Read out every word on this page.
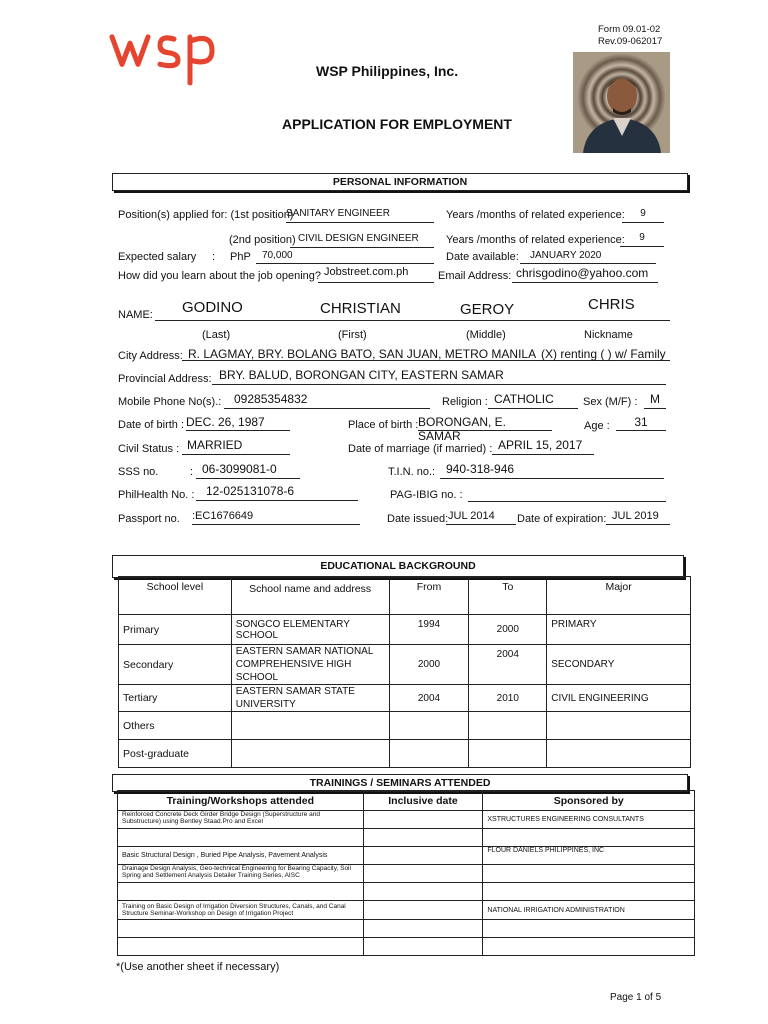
Form 09.01-02
Rev.09-062017
WSP Philippines, Inc.
APPLICATION FOR EMPLOYMENT
PERSONAL INFORMATION
Position(s) applied for: (1st position)
SANITARY ENGINEER	Years /months of related experience:	9
(2nd position) CIVIL DESIGN ENGINEER	Years /months of related experience:	9
Expected salary : PhP	70,000	Date available:	JANUARY 2020
How did you learn about the job opening? Jobstreet.com.ph	Email Address: chrisgodino@yahoo.com
NAME: GODINO	CHRISTIAN	GEROY	CHRIS
(Last)	(First)	(Middle)	Nickname
City Address: R. LAGMAY, BRY. BOLANG BATO, SAN JUAN, METRO MANILA (X) renting ( ) w/ Family
Provincial Address: BRY. BALUD, BORONGAN CITY, EASTERN SAMAR
Mobile Phone No(s).:	09285354832	Religion : CATHOLIC	Sex (M/F) :	M
Date of birth : DEC. 26, 1987	Place of birth : BORONGAN, E. SAMAR
Age :	31
Civil Status : MARRIED	Date of marriage (if married) : APRIL 15, 2017
SSS no.	: 06-3099081-0	T.I.N. no.: 940-318-946
PhilHealth No. : 12-025131078-6	PAG-IBIG no. :
Passport no. :EC1676649	Date issued: JUL 2014	Date of expiration: JUL 2019
EDUCATIONAL BACKGROUND
School level	School name and address	From	To	Major
Primary	SONGCO ELEMENTARY SCHOOL	1994	2000	PRIMARY
Secondary	EASTERN SAMAR NATIONAL COMPREHENSIVE HIGH SCHOOL	2000	2004	SECONDARY
Tertiary	EASTERN SAMAR STATE UNIVERSITY	2004	2010	CIVIL ENGINEERING
Others				
Post-graduate				
TRAININGS / SEMINARS ATTENDED
Training/Workshops attended	Inclusive date	Sponsored by
Reinforced Concrete Deck Girder Bridge Design (Superstructure and Substructure) using Bentley Staad.Pro and Excel		XSTRUCTURES ENGINEERING CONSULTANTS

Basic Structural Design , Buried Pipe Analysis, Pavement Analysis		FLOUR DANIELS PHILIPPINES, INC
Drainage Design Analysis, Geo-technical Engineering for Bearing Capacity, Soil Spring and Settlement Analysis Detailer Training Series, AISC		

Training on Basic Design of Irrigation Diversion Structures, Canals, and Canal Structure Seminar-Workshop on Design of Irrigation Project		NATIONAL IRRIGATION ADMINISTRATION

*(Use another sheet if necessary)
Page 1 of 5
